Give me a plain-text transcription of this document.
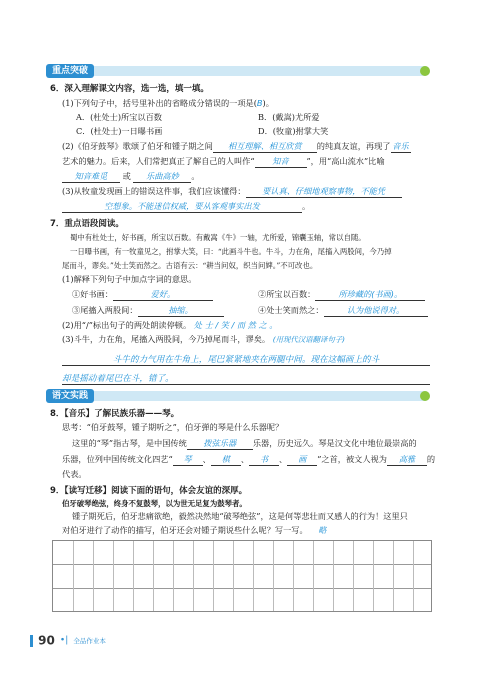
重点突破
6．深入理解课文内容，选一选，填一填。
(1)下列句子中，括号里补出的省略成分错误的一项是(B)。
A．(杜处士)所宝以百数	B．(戴嵩)尤所爱
C．(杜处士)一日曝书画	D．(牧童)拊掌大笑
(2)《伯牙鼓琴》歌颂了伯牙和锺子期之间 相互理解、相互欣赏 的纯真友谊，再现了 音乐
艺术的魅力。后来，人们常把真正了解自己的人叫作“ 知音 ”，用“高山流水”比喻
知音难觅 或 乐曲高妙 。
(3)从牧童发现画上的错误这件事，我们应该懂得： 要认真、仔细地观察事物，不能凭
空想象。不能迷信权威，要从客观事实出发	。
7．重点语段阅读。
蜀中有杜处士，好书画，所宝以百数。有戴嵩《牛》一轴，尤所爱，锦囊玉轴，常以自随。
一日曝书画，有一牧童见之，拊掌大笑，曰：“此画斗牛也。牛斗，力在角，尾搐入两股间，今乃掉
尾而斗，谬矣。”处士笑而然之。古语有云：“耕当问奴，织当问婢。”不可改也。
(1)解释下列句子中加点字词的意思。
①好书画：	爱好。	②所宝以百数：	所珍藏的(书画)。
③尾搐入两股间：	抽缩。	④处士笑而然之：	认为他说得对。
(2)用“/”标出句子的两处朗读停顿。 处 士 / 笑 / 而 然 之 。
(3)斗牛，力在角，尾搐入两股间，今乃掉尾而斗，谬矣。 (用现代汉语翻译句子)
斗牛的力气用在牛角上，尾巴紧紧地夹在两腿中间。现在这幅画上的斗
却是摇动着尾巴在斗，错了。
语文实践
8．【音乐】了解民族乐器——琴。
思考：“伯牙鼓琴，锺子期听之”，伯牙弹的琴是什么乐器呢？
这里的“琴”指古琴，是中国传统 拨弦乐器 乐器，历史远久。琴是汉文化中地位最崇高的
乐器，位列中国传统文化四艺“ 琴 、 棋 、 书 、 画 ”之首，被文人视为 高雅 的
代表。
9．【读写迁移】阅读下面的语句，体会友谊的深厚。
伯牙破琴绝弦，终身不复鼓琴，以为世无足复为鼓琴者。
锺子期死后，伯牙悲痛欲绝，毅然决然地“破琴绝弦”，这是何等悲壮而又感人的行为！这里只
对伯牙进行了动作的描写，伯牙还会对锺子期说些什么呢？写一写。 略
90 •| 全品作业本
